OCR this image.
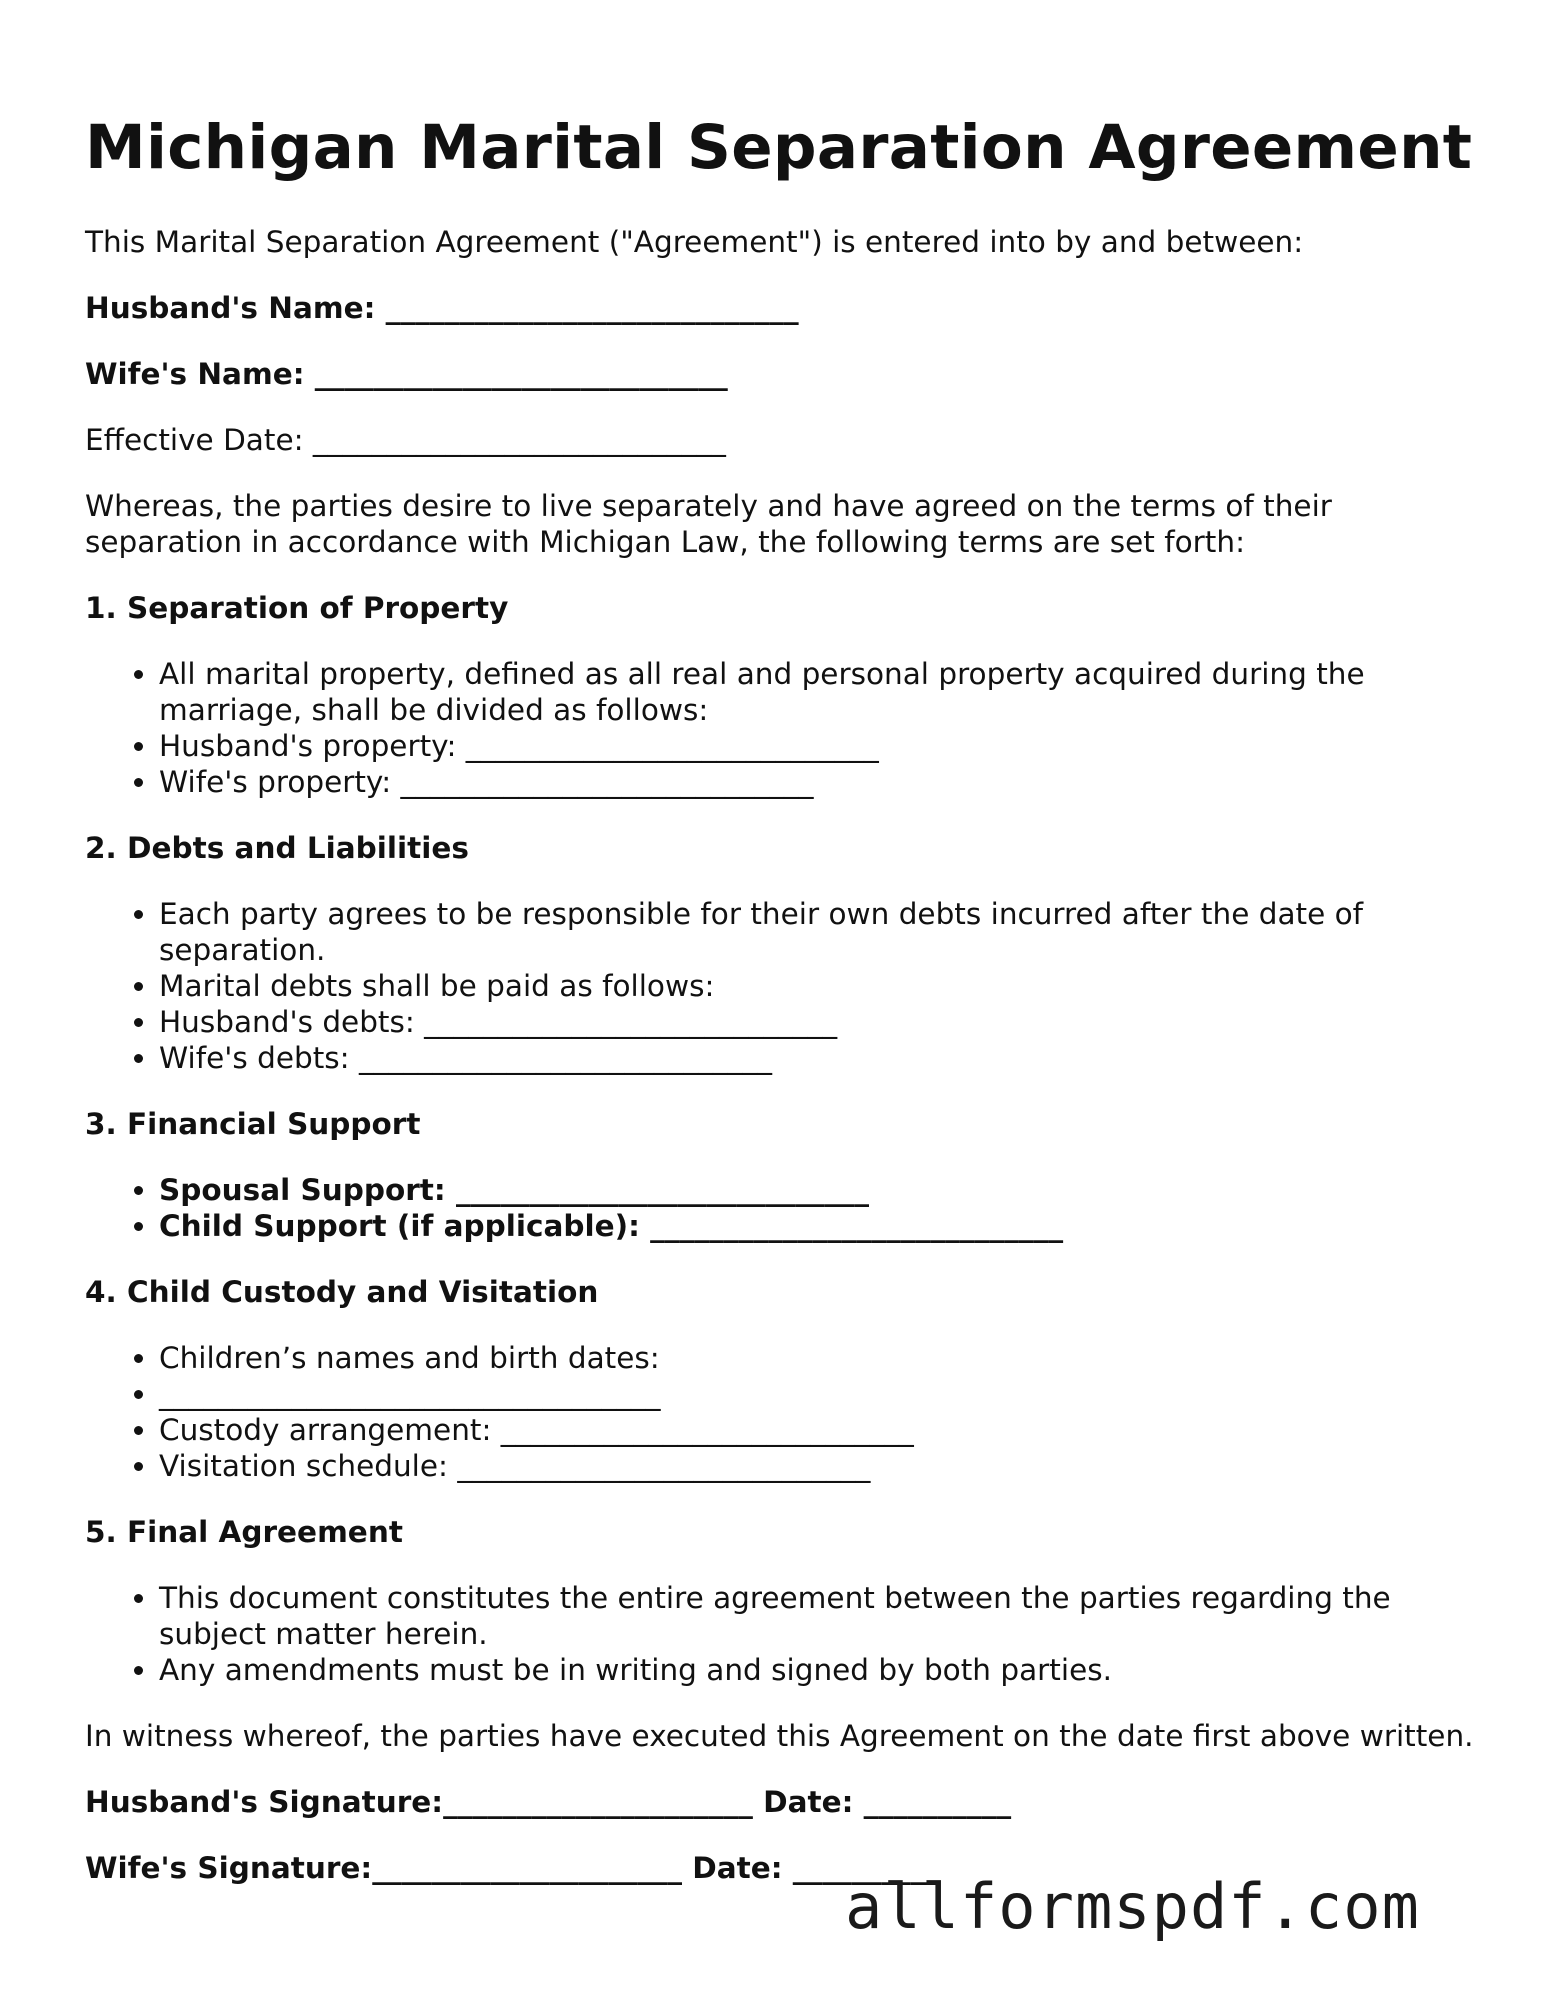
Michigan Marital Separation Agreement

This Marital Separation Agreement ("Agreement") is entered into by and between:

Husband's Name: ____________________________

Wife's Name: ____________________________

Effective Date: ____________________________

Whereas, the parties desire to live separately and have agreed on the terms of their separation in accordance with Michigan Law, the following terms are set forth:

1. Separation of Property
• All marital property, defined as all real and personal property acquired during the marriage, shall be divided as follows:
• Husband's property: ____________________________
• Wife's property: ____________________________
2. Debts and Liabilities
• Each party agrees to be responsible for their own debts incurred after the date of separation.
• Marital debts shall be paid as follows:
• Husband's debts: ____________________________
• Wife's debts: ____________________________
3. Financial Support
• Spousal Support: ____________________________
• Child Support (if applicable): ____________________________
4. Child Custody and Visitation
• Children’s names and birth dates:
• __________________________________
• Custody arrangement: ____________________________
• Visitation schedule: ____________________________
5. Final Agreement
• This document constitutes the entire agreement between the parties regarding the subject matter herein.
• Any amendments must be in writing and signed by both parties.

In witness whereof, the parties have executed this Agreement on the date first above written.

Husband's Signature:_____________________ Date: __________

Wife's Signature:_____________________ Date: __________

allformspdf.com
